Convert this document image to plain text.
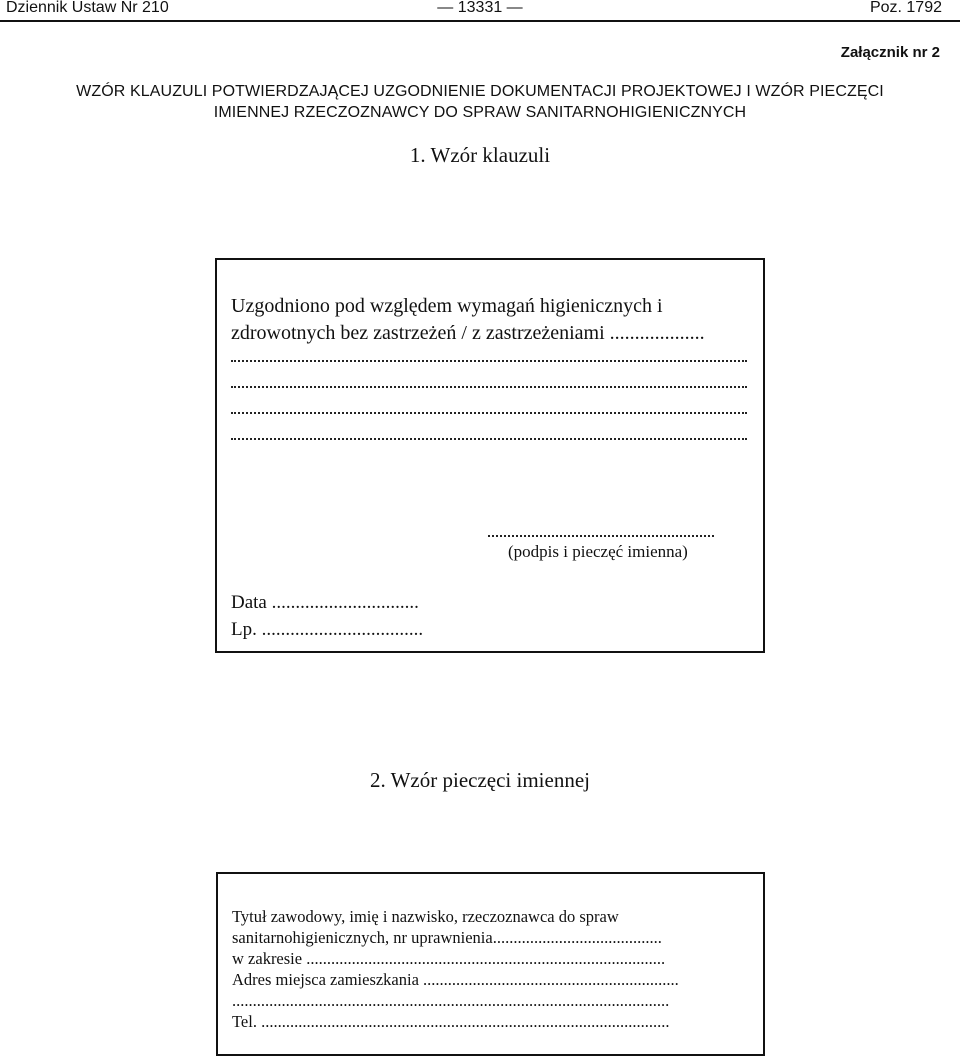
Dziennik Ustaw Nr 210	— 13331 —	Poz. 1792
Załącznik nr 2
WZÓR KLAUZULI POTWIERDZAJĄCEJ UZGODNIENIE DOKUMENTACJI PROJEKTOWEJ I WZÓR PIECZĘCI
IMIENNEJ RZECZOZNAWCY DO SPRAW SANITARNOHIGIENICZNYCH
1. Wzór klauzuli
Uzgodniono pod względem wymagań higienicznych i
zdrowotnych bez zastrzeżeń / z zastrzeżeniami ...................
(podpis i pieczęć imienna)
Data ...............................
Lp. ..................................
2. Wzór pieczęci imiennej
Tytuł zawodowy, imię i nazwisko, rzeczoznawca do spraw
sanitarnohigienicznych, nr uprawnienia.........................................
w zakresie .......................................................................................
Adres miejsca zamieszkania ..............................................................
..........................................................................................................
Tel. ...................................................................................................
